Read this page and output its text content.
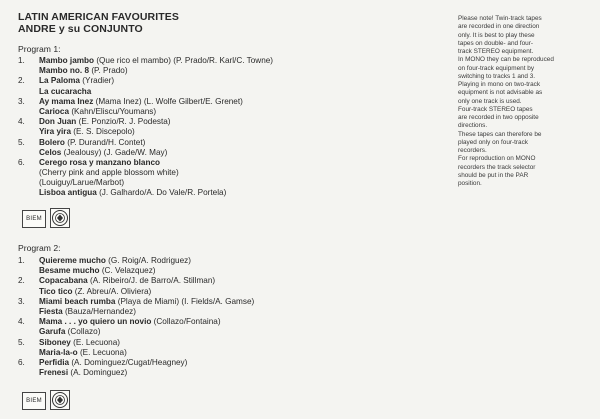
LATIN AMERICAN FAVOURITES
ANDRE y su CONJUNTO
Program 1:
1.	Mambo jambo (Que rico el mambo) (P. Prado/R. Karl/C. Towne)
Mambo no. 8 (P. Prado)
2.	La Paloma (Yradier)
La cucaracha
3.	Ay mama Inez (Mama Inez) (L. Wolfe Gilbert/E. Grenet)
Carioca (Kahn/Eliscu/Youmans)
4.	Don Juan (E. Ponzio/R. J. Podesta)
Yira yira (E. S. Discepolo)
5.	Bolero (P. Durand/H. Contet)
Celos (Jealousy) (J. Gade/W. May)
6.	Cerego rosa y manzano blanco
(Cherry pink and apple blossom white)
(Louiguy/Larue/Marbot)
Lisboa antigua (J. Galhardo/A. Do Vale/R. Portela)
BIEM
Program 2:
1.	Quiereme mucho (G. Roig/A. Rodriguez)
Besame mucho (C. Velazquez)
2.	Copacabana (A. Ribeiro/J. de Barro/A. Stillman)
Tico tico (Z. Abreu/A. Oliviera)
3.	Miami beach rumba (Playa de Miami) (I. Fields/A. Gamse)
Fiesta (Bauza/Hernandez)
4.	Mama . . . yo quiero un novio (Collazo/Fontaina)
Garufa (Collazo)
5.	Siboney (E. Lecuona)
Maria-la-o (E. Lecuona)
6.	Perfidia (A. Dominguez/Cugat/Heagney)
Frenesi (A. Dominguez)
BIEM
Please note! Twin-track tapes
are recorded in one direction
only. It is best to play these
tapes on double- and four-
track STEREO equipment.
In MONO they can be reproduced
on four-track equipment by
switching to tracks 1 and 3.
Playing in mono on two-track
equipment is not advisable as
only one track is used.
Four-track STEREO tapes
are recorded in two opposite
directions.
These tapes can therefore be
played only on four-track
recorders.
For reproduction on MONO
recorders the track selector
should be put in the PAR
position.
